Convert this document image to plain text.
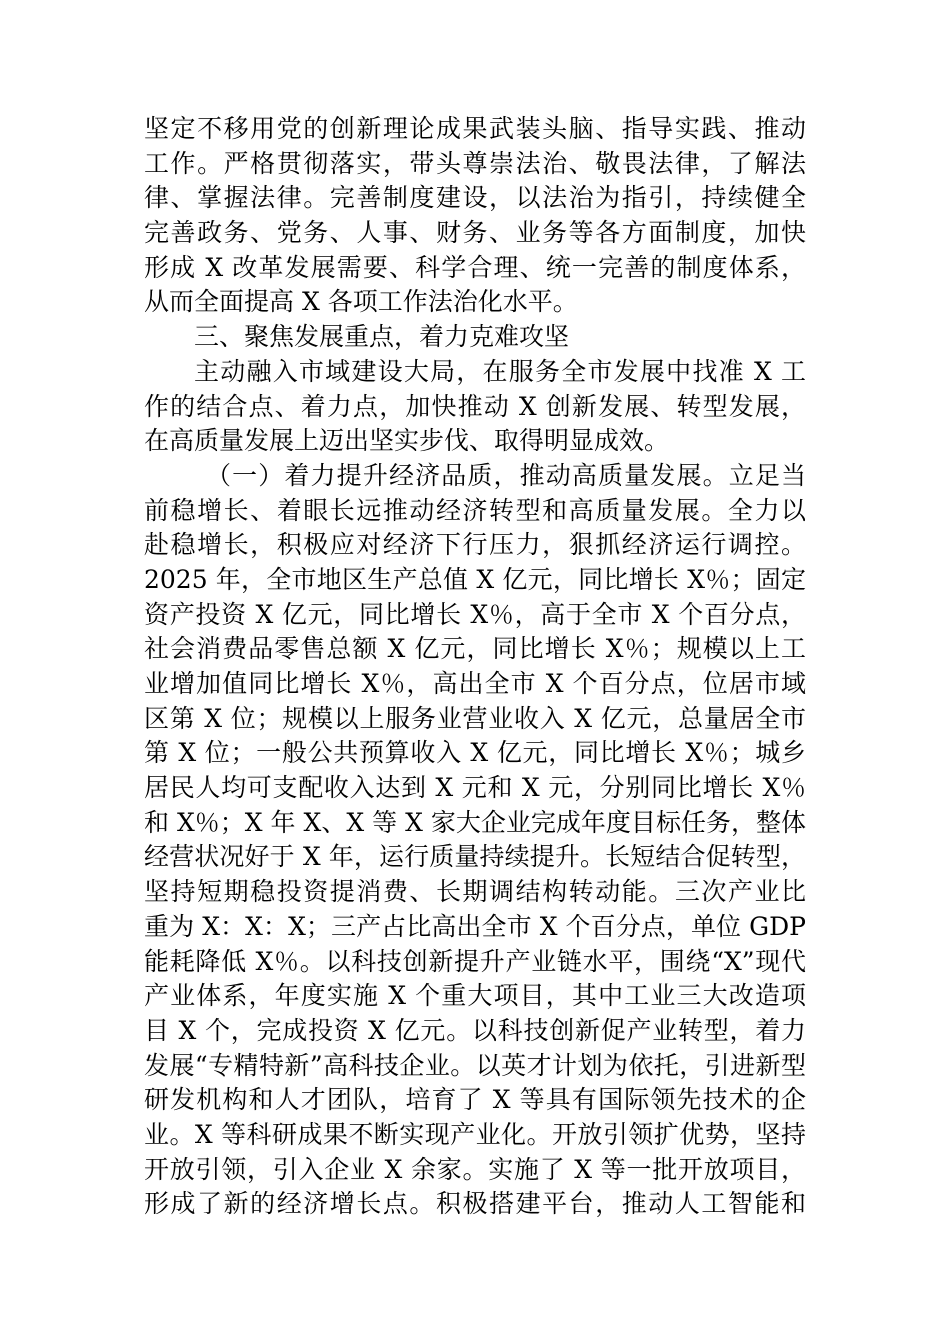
坚定不移用党的创新理论成果武装头脑、指导实践、推动
工作。严格贯彻落实，带头尊崇法治、敬畏法律，了解法
律、掌握法律。完善制度建设，以法治为指引，持续健全
完善政务、党务、人事、财务、业务等各方面制度，加快
形成 X 改革发展需要、科学合理、统一完善的制度体系，
从而全面提高 X 各项工作法治化水平。
三、聚焦发展重点，着力克难攻坚
主动融入市域建设大局，在服务全市发展中找准 X 工
作的结合点、着力点，加快推动 X 创新发展、转型发展，
在高质量发展上迈出坚实步伐、取得明显成效。
（一）着力提升经济品质，推动高质量发展。立足当
前稳增长、着眼长远推动经济转型和高质量发展。全力以
赴稳增长，积极应对经济下行压力，狠抓经济运行调控。
2025 年，全市地区生产总值 X 亿元，同比增长 X％；固定
资产投资 X 亿元，同比增长 X％，高于全市 X 个百分点，
社会消费品零售总额 X 亿元，同比增长 X％；规模以上工
业增加值同比增长 X％，高出全市 X 个百分点，位居市域
区第 X 位；规模以上服务业营业收入 X 亿元，总量居全市
第 X 位；一般公共预算收入 X 亿元，同比增长 X％；城乡
居民人均可支配收入达到 X 元和 X 元，分别同比增长 X％
和 X％；X 年 X、X 等 X 家大企业完成年度目标任务，整体
经营状况好于 X 年，运行质量持续提升。长短结合促转型，
坚持短期稳投资提消费、长期调结构转动能。三次产业比
重为 X：X：X；三产占比高出全市 X 个百分点，单位 GDP
能耗降低 X％。以科技创新提升产业链水平，围绕“X”现代
产业体系，年度实施 X 个重大项目，其中工业三大改造项
目 X 个，完成投资 X 亿元。以科技创新促产业转型，着力
发展“专精特新”高科技企业。以英才计划为依托，引进新型
研发机构和人才团队，培育了 X 等具有国际领先技术的企
业。X 等科研成果不断实现产业化。开放引领扩优势，坚持
开放引领，引入企业 X 余家。实施了 X 等一批开放项目，
形成了新的经济增长点。积极搭建平台，推动人工智能和
